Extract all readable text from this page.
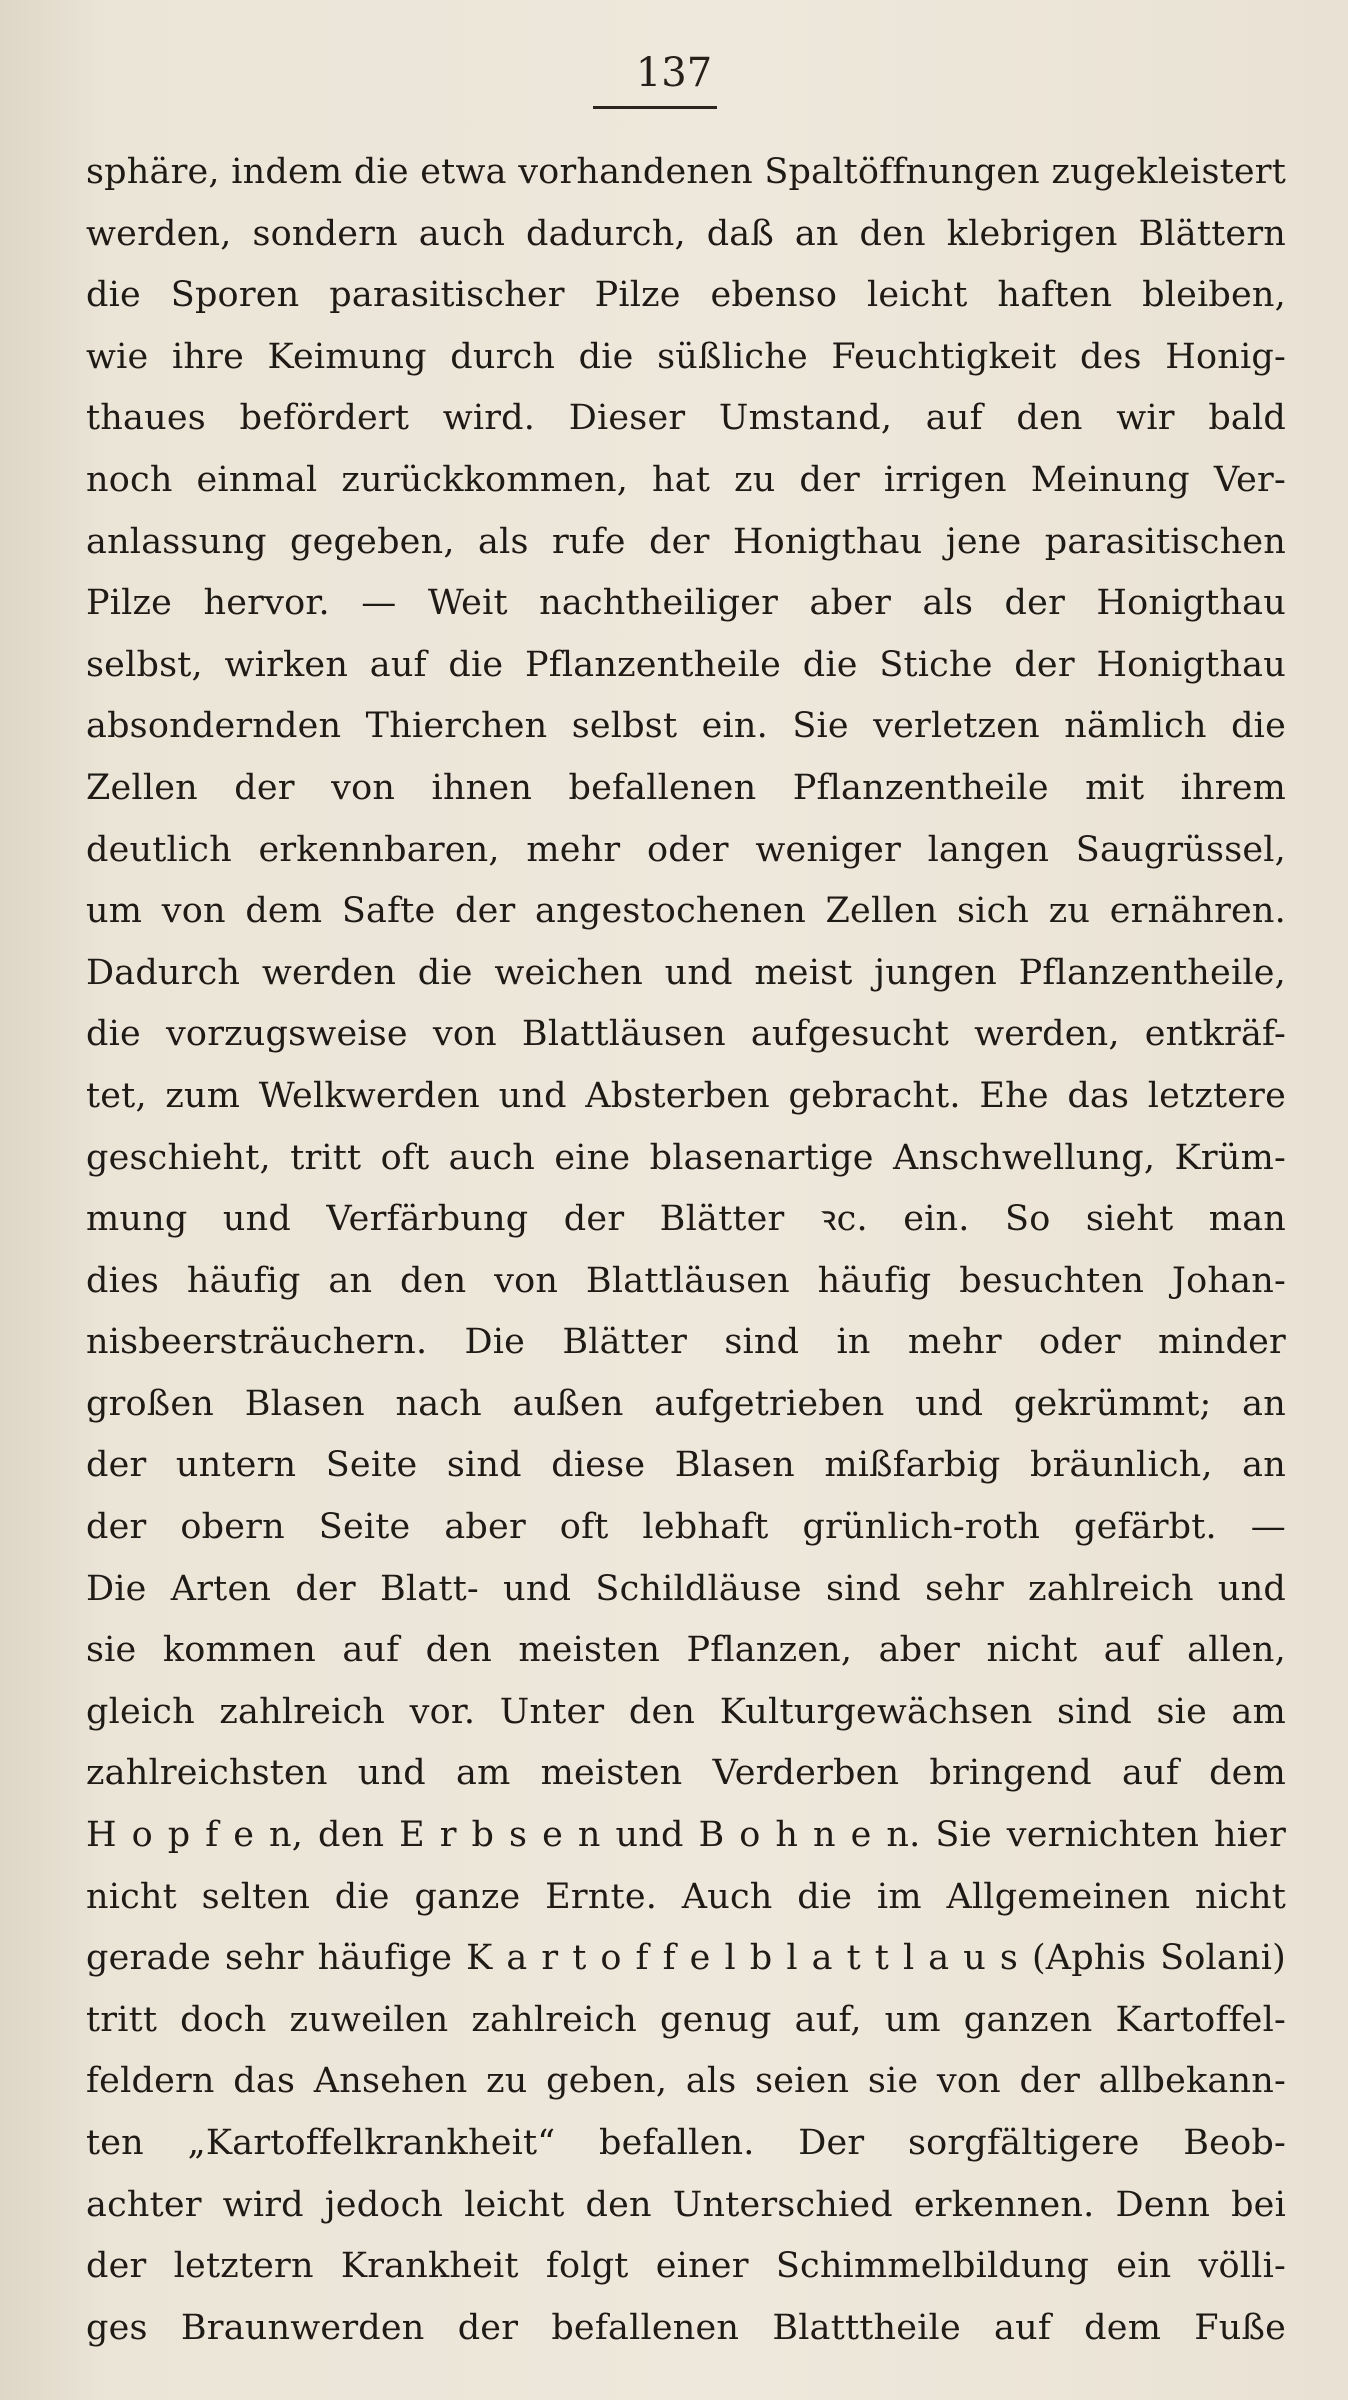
137
sphäre, indem die etwa vorhandenen Spaltöffnungen zugekleistert
werden, sondern auch dadurch, daß an den klebrigen Blättern
die Sporen parasitischer Pilze ebenso leicht haften bleiben,
wie ihre Keimung durch die süßliche Feuchtigkeit des Honig-
thaues befördert wird. Dieser Umstand, auf den wir bald
noch einmal zurückkommen, hat zu der irrigen Meinung Ver-
anlassung gegeben, als rufe der Honigthau jene parasitischen
Pilze hervor. — Weit nachtheiliger aber als der Honigthau
selbst, wirken auf die Pflanzentheile die Stiche der Honigthau
absondernden Thierchen selbst ein. Sie verletzen nämlich die
Zellen der von ihnen befallenen Pflanzentheile mit ihrem
deutlich erkennbaren, mehr oder weniger langen Saugrüssel,
um von dem Safte der angestochenen Zellen sich zu ernähren.
Dadurch werden die weichen und meist jungen Pflanzentheile,
die vorzugsweise von Blattläusen aufgesucht werden, entkräf-
tet, zum Welkwerden und Absterben gebracht. Ehe das letztere
geschieht, tritt oft auch eine blasenartige Anschwellung, Krüm-
mung und Verfärbung der Blätter ꝛc. ein. So sieht man
dies häufig an den von Blattläusen häufig besuchten Johan-
nisbeersträuchern. Die Blätter sind in mehr oder minder
großen Blasen nach außen aufgetrieben und gekrümmt; an
der untern Seite sind diese Blasen mißfarbig bräunlich, an
der obern Seite aber oft lebhaft grünlich-roth gefärbt. —
Die Arten der Blatt- und Schildläuse sind sehr zahlreich und
sie kommen auf den meisten Pflanzen, aber nicht auf allen,
gleich zahlreich vor. Unter den Kulturgewächsen sind sie am
zahlreichsten und am meisten Verderben bringend auf dem
H o p f e n, den E r b s e n und B o h n e n. Sie vernichten hier
nicht selten die ganze Ernte. Auch die im Allgemeinen nicht
gerade sehr häufige K a r t o f f e l b l a t t l a u s (Aphis Solani)
tritt doch zuweilen zahlreich genug auf, um ganzen Kartoffel-
feldern das Ansehen zu geben, als seien sie von der allbekann-
ten „Kartoffelkrankheit“ befallen. Der sorgfältigere Beob-
achter wird jedoch leicht den Unterschied erkennen. Denn bei
der letztern Krankheit folgt einer Schimmelbildung ein völli-
ges Braunwerden der befallenen Blatttheile auf dem Fuße
